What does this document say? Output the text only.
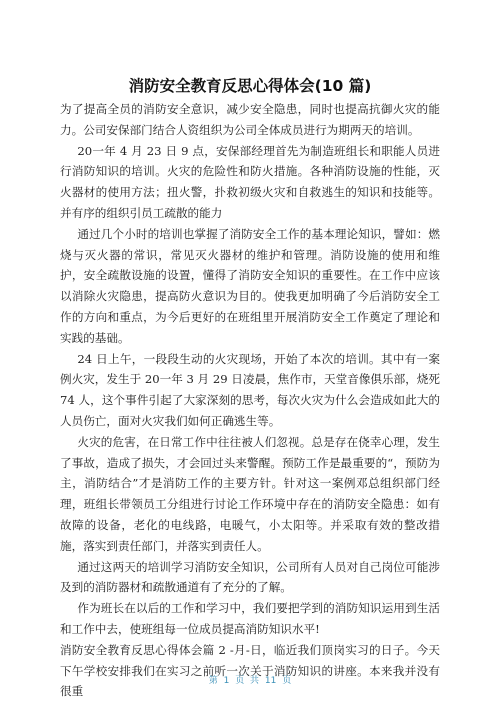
消防安全教育反思心得体会(10 篇)

为了提高全员的消防安全意识，减少安全隐患，同时也提高抗御火灾的能力。公司安保部门结合人资组织为公司全体成员进行为期两天的培训。

20一年 4 月 23 日 9 点，安保部经理首先为制造班组长和职能人员进行消防知识的培训。火灾的危险性和防火措施。各种消防设施的性能，灭火器材的使用方法；扭火警，扑救初级火灾和自救逃生的知识和技能等。并有序的组织引员工疏散的能力

通过几个小时的培训也掌握了消防安全工作的基本理论知识，譬如：燃烧与灭火器的常识，常见灭火器材的维护和管理。消防设施的使用和维护，安全疏散设施的设置，懂得了消防安全知识的重要性。在工作中应该以消除火灾隐患，提高防火意识为目的。使我更加明确了今后消防安全工作的方向和重点，为今后更好的在班组里开展消防安全工作奠定了理论和实践的基础。

24 日上午，一段段生动的火灾现场，开始了本次的培训。其中有一案例火灾，发生于 20一年 3 月 29 日凌晨，焦作市，天堂音像俱乐部，烧死 74 人，这个事件引起了大家深刻的思考，每次火灾为什么会造成如此大的人员伤亡，面对火灾我们如何正确逃生等。

火灾的危害，在日常工作中往往被人们忽视。总是存在侥幸心理，发生了事故，造成了损失，才会回过头来警醒。预防工作是最重要的“，预防为主，消防结合”才是消防工作的主要方针。针对这一案例邓总组织部门经理，班组长带领员工分组进行讨论工作环境中存在的消防安全隐患：如有故障的设备，老化的电线路，电暖气，小太阳等。并采取有效的整改措施，落实到责任部门，并落实到责任人。

通过这两天的培训学习消防安全知识，公司所有人员对自己岗位可能涉及到的消防器材和疏散通道有了充分的了解。

作为班长在以后的工作和学习中，我们要把学到的消防知识运用到生活和工作中去，使班组每一位成员提高消防知识水平!

消防安全教育反思心得体会篇 2 -月-日，临近我们顶岗实习的日子。今天下午学校安排我们在实习之前听一次关于消防知识的讲座。本来我并没有很重

第 1 页 共 11 页
